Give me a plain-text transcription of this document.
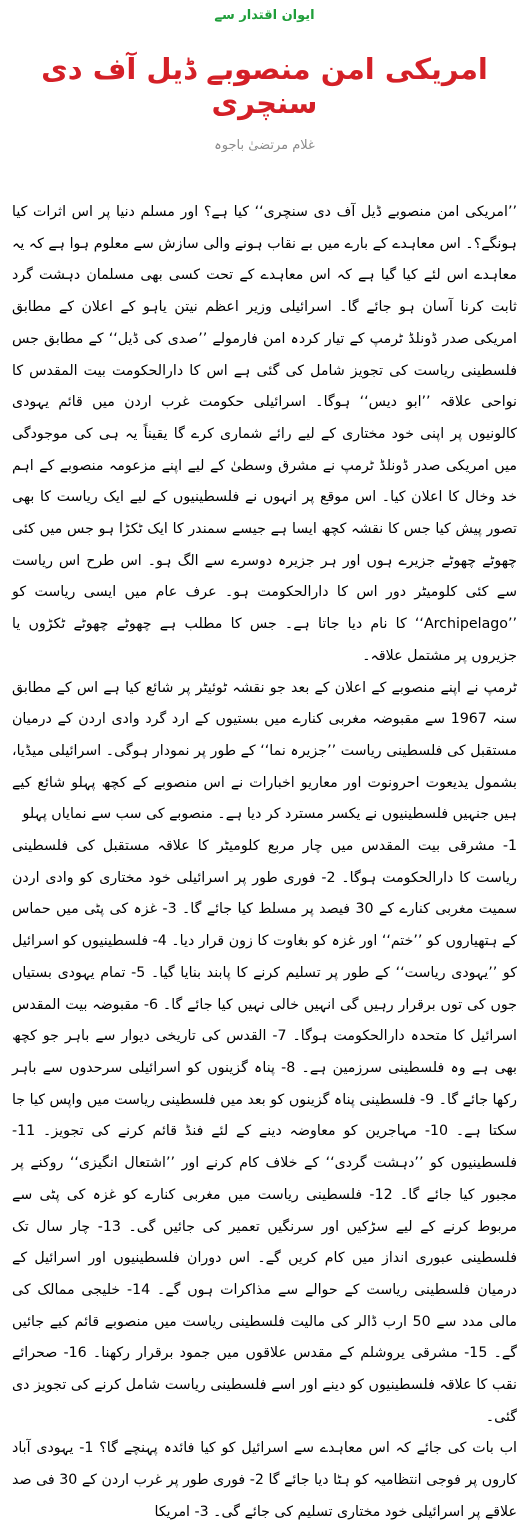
ایوان اقتدار سے
امریکی امن منصوبے ڈیل آف دی سنچری
غلام مرتضیٰ باجوہ

’’امریکی امن منصوبے ڈیل آف دی سنچری‘‘ کیا ہے؟ اور مسلم دنیا پر اس اثرات کیا ہونگے؟۔ اس معاہدے کے بارے میں بے نقاب ہونے والی سازش سے معلوم ہوا ہے کہ یہ معاہدے اس لئے کیا گیا ہے کہ اس معاہدے کے تحت کسی بھی مسلمان دہشت گرد ثابت کرنا آسان ہو جائے گا۔ اسرائیلی وزیر اعظم نیتن یاہو کے اعلان کے مطابق امریکی صدر ڈونلڈ ٹرمپ کے تیار کردہ امن فارمولے ’’صدی کی ڈیل‘‘ کے مطابق جس فلسطینی ریاست کی تجویز شامل کی گئی ہے اس کا دارالحکومت بیت المقدس کا نواحی علاقہ ’’ابو دیس‘‘ ہوگا۔ اسرائیلی حکومت غرب اردن میں قائم یہودی کالونیوں پر اپنی خود مختاری کے لیے رائے شماری کرے گا یقیناً یہ ہی کی موجودگی میں امریکی صدر ڈونلڈ ٹرمپ نے مشرق وسطیٰ کے لیے اپنے مزعومہ منصوبے کے اہم خد وخال کا اعلان کیا۔ اس موقع پر انہوں نے فلسطینیوں کے لیے ایک ریاست کا بھی تصور پیش کیا جس کا نقشہ کچھ ایسا ہے جیسے سمندر کا ایک ٹکڑا ہو جس میں کئی چھوٹے چھوٹے جزیرے ہوں اور ہر جزیرہ دوسرے سے الگ ہو۔ اس طرح اس ریاست سے کئی کلومیٹر دور اس کا دارالحکومت ہو۔ عرف عام میں ایسی ریاست کو ’’Archipelago‘‘ کا نام دیا جاتا ہے۔ جس کا مطلب ہے چھوٹے چھوٹے ٹکڑوں یا جزیروں پر مشتمل علاقہ۔

ٹرمپ نے اپنے منصوبے کے اعلان کے بعد جو نقشہ ٹوئیٹر پر شائع کیا ہے اس کے مطابق سنہ 1967 سے مقبوضہ مغربی کنارے میں بستیوں کے ارد گرد وادی اردن کے درمیان مستقبل کی فلسطینی ریاست ’’جزیرہ نما‘‘ کے طور پر نمودار ہوگی۔ اسرائیلی میڈیا، بشمول یدیعوت احرونوت اور معاریو اخبارات نے اس منصوبے کے کچھ پہلو شائع کیے ہیں جنہیں فلسطینیوں نے یکسر مسترد کر دیا ہے۔ منصوبے کی سب سے نمایاں پہلو

1- مشرقی بیت المقدس میں چار مربع کلومیٹر کا علاقہ مستقبل کی فلسطینی ریاست کا دارالحکومت ہوگا۔ 2- فوری طور پر اسرائیلی خود مختاری کو وادی اردن سمیت مغربی کنارے کے 30 فیصد پر مسلط کیا جائے گا۔ 3- غزہ کی پٹی میں حماس کے ہتھیاروں کو ’’ختم‘‘ اور غزہ کو بغاوت کا زون قرار دیا۔ 4- فلسطینیوں کو اسرائیل کو ’’یہودی ریاست‘‘ کے طور پر تسلیم کرنے کا پابند بنایا گیا۔ 5- تمام یہودی بستیاں جوں کی توں برقرار رہیں گی انہیں خالی نہیں کیا جائے گا۔ 6- مقبوضہ بیت المقدس اسرائیل کا متحدہ دارالحکومت ہوگا۔ 7- القدس کی تاریخی دیوار سے باہر جو کچھ بھی ہے وہ فلسطینی سرزمین ہے۔ 8- پناہ گزینوں کو اسرائیلی سرحدوں سے باہر رکھا جائے گا۔ 9- فلسطینی پناہ گزینوں کو بعد میں فلسطینی ریاست میں واپس کیا جا سکتا ہے۔ 10- مہاجرین کو معاوضہ دینے کے لئے فنڈ قائم کرنے کی تجویز۔ 11- فلسطینیوں کو ’’دہشت گردی‘‘ کے خلاف کام کرنے اور ’’اشتعال انگیزی‘‘ روکنے پر مجبور کیا جائے گا۔ 12- فلسطینی ریاست میں مغربی کنارے کو غزہ کی پٹی سے مربوط کرنے کے لیے سڑکیں اور سرنگیں تعمیر کی جائیں گی۔ 13- چار سال تک فلسطینی عبوری انداز میں کام کریں گے۔ اس دوران فلسطینیوں اور اسرائیل کے درمیان فلسطینی ریاست کے حوالے سے مذاکرات ہوں گے۔ 14- خلیجی ممالک کی مالی مدد سے 50 ارب ڈالر کی مالیت فلسطینی ریاست میں منصوبے قائم کیے جائیں گے۔ 15- مشرقی یروشلم کے مقدس علاقوں میں جمود برقرار رکھنا۔ 16- صحرائے نقب کا علاقہ فلسطینیوں کو دینے اور اسے فلسطینی ریاست شامل کرنے کی تجویز دی گئی۔

اب بات کی جائے کہ اس معاہدے سے اسرائیل کو کیا فائدہ پہنچے گا؟ 1- یہودی آباد کاروں پر فوجی انتظامیہ کو ہٹا دیا جائے گا 2- فوری طور پر غرب اردن کے 30 فی صد علاقے پر اسرائیلی خود مختاری تسلیم کی جائے گی۔ 3- امریکا
